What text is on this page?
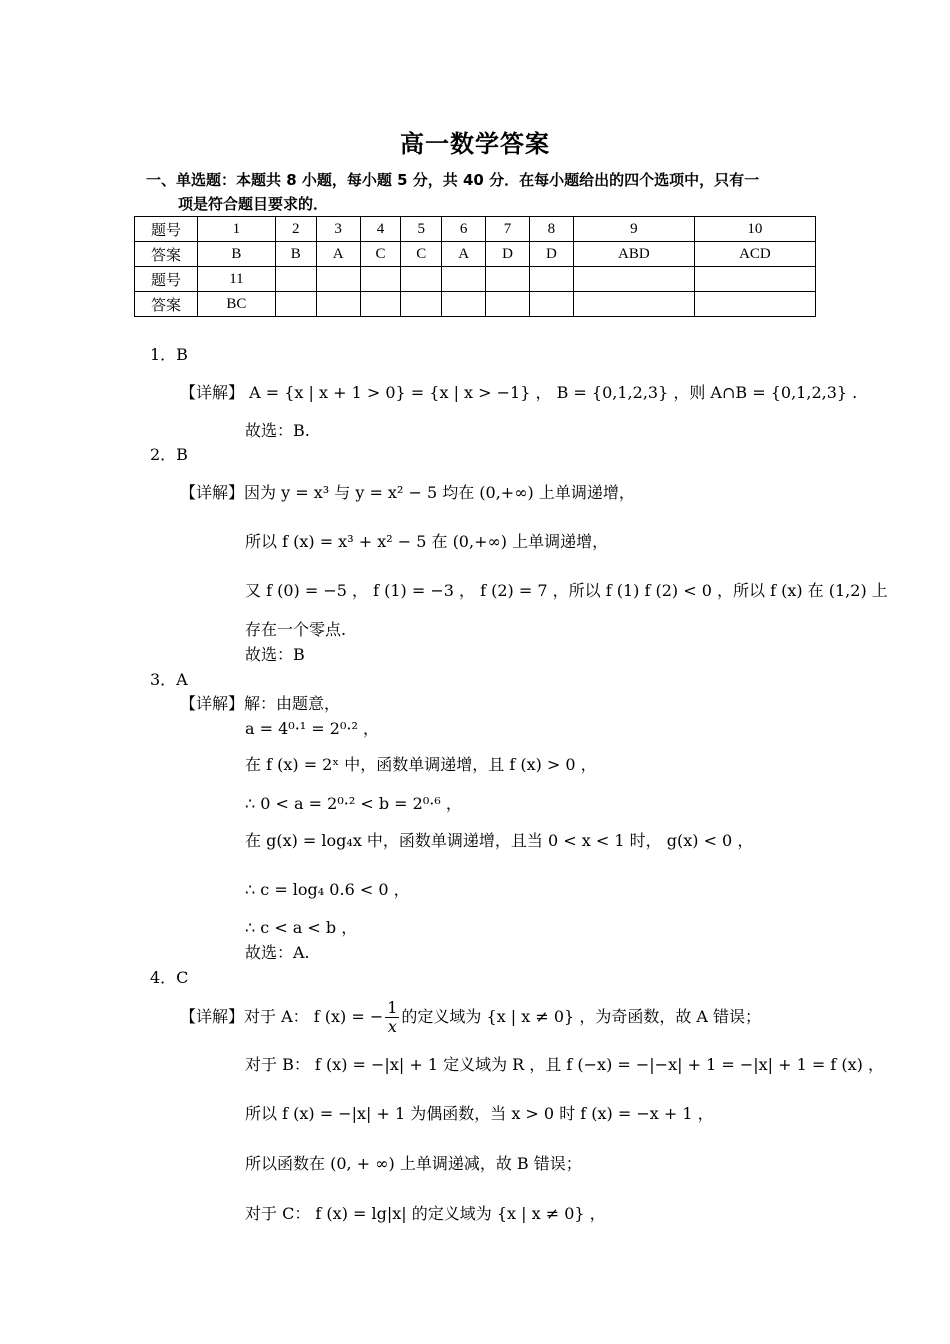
高一数学答案
一、单选题：本题共 8 小题，每小题 5 分，共 40 分．在每小题给出的四个选项中，只有一
项是符合题目要求的．
题号	1	2	3	4	5	6	7	8	9	10
答案	B	B	A	C	C	A	D	D	ABD	ACD
题号	11									
答案	BC									
1．B
【详解】 A = {x | x + 1 > 0} = {x | x > −1} ， B = {0,1,2,3} ，则 A∩B = {0,1,2,3} .
故选：B.
2．B
【详解】因为 y = x³ 与 y = x² − 5 均在 (0,+∞) 上单调递增，
所以 f (x) = x³ + x² − 5 在 (0,+∞) 上单调递增，
又 f (0) = −5 ， f (1) = −3 ， f (2) = 7 ，所以 f (1) f (2) < 0 ，所以 f (x) 在 (1,2) 上
存在一个零点.
故选：B
3．A
【详解】解：由题意，
a = 4⁰·¹ = 2⁰·² ，
在 f (x) = 2ˣ 中，函数单调递增，且 f (x) > 0 ，
∴ 0 < a = 2⁰·² < b = 2⁰·⁶ ，
在 g(x) = log₄x 中，函数单调递增，且当 0 < x < 1 时， g(x) < 0 ，
∴ c = log₄ 0.6 < 0 ，
∴ c < a < b ，
故选：A.
4．C
【详解】对于 A： f (x) = − $\frac{1}{x}$ 的定义域为 {x | x ≠ 0} ，为奇函数，故 A 错误；
对于 B： f (x) = −|x| + 1 定义域为 R ，且 f (−x) = −|−x| + 1 = −|x| + 1 = f (x) ，
所以 f (x) = −|x| + 1 为偶函数，当 x > 0 时 f (x) = −x + 1 ，
所以函数在 (0, + ∞) 上单调递减，故 B 错误；
对于 C： f (x) = lg|x| 的定义域为 {x | x ≠ 0} ，
